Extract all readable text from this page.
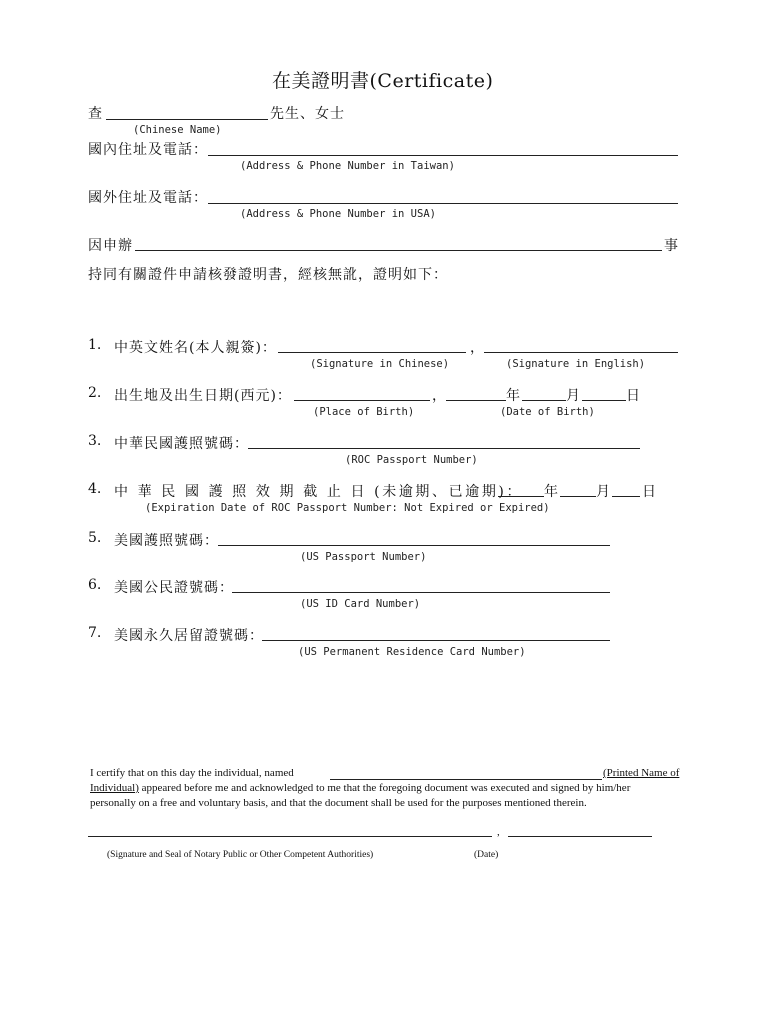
在美證明書(Certificate)
查	先生、女士
(Chinese Name)
國內住址及電話：
(Address & Phone Number in Taiwan)
國外住址及電話：
(Address & Phone Number in USA)
因申辦	事
持同有關證件申請核發證明書，經核無訛，證明如下：
1. 中英文姓名(本人親簽)：	，
(Signature in Chinese)	(Signature in English)
2. 出生地及出生日期(西元)：	，	年	月	日
(Place of Birth)	(Date of Birth)
3. 中華民國護照號碼：
(ROC Passport Number)
4. 中 華 民 國 護 照 效 期 截 止 日 (未逾期、已逾期)： 年	月 日
(Expiration Date of ROC Passport Number: Not Expired or Expired)
5. 美國護照號碼：
(US Passport Number)
6. 美國公民證號碼：
(US ID Card Number)
7. 美國永久居留證號碼：
(US Permanent Residence Card Number)
I certify that on this day the individual, named	(Printed Name of
Individual) appeared before me and acknowledged to me that the foregoing document was executed and signed by him/her
personally on a free and voluntary basis, and that the document shall be used for the purposes mentioned therein.
,
(Signature and Seal of Notary Public or Other Competent Authorities)	(Date)
